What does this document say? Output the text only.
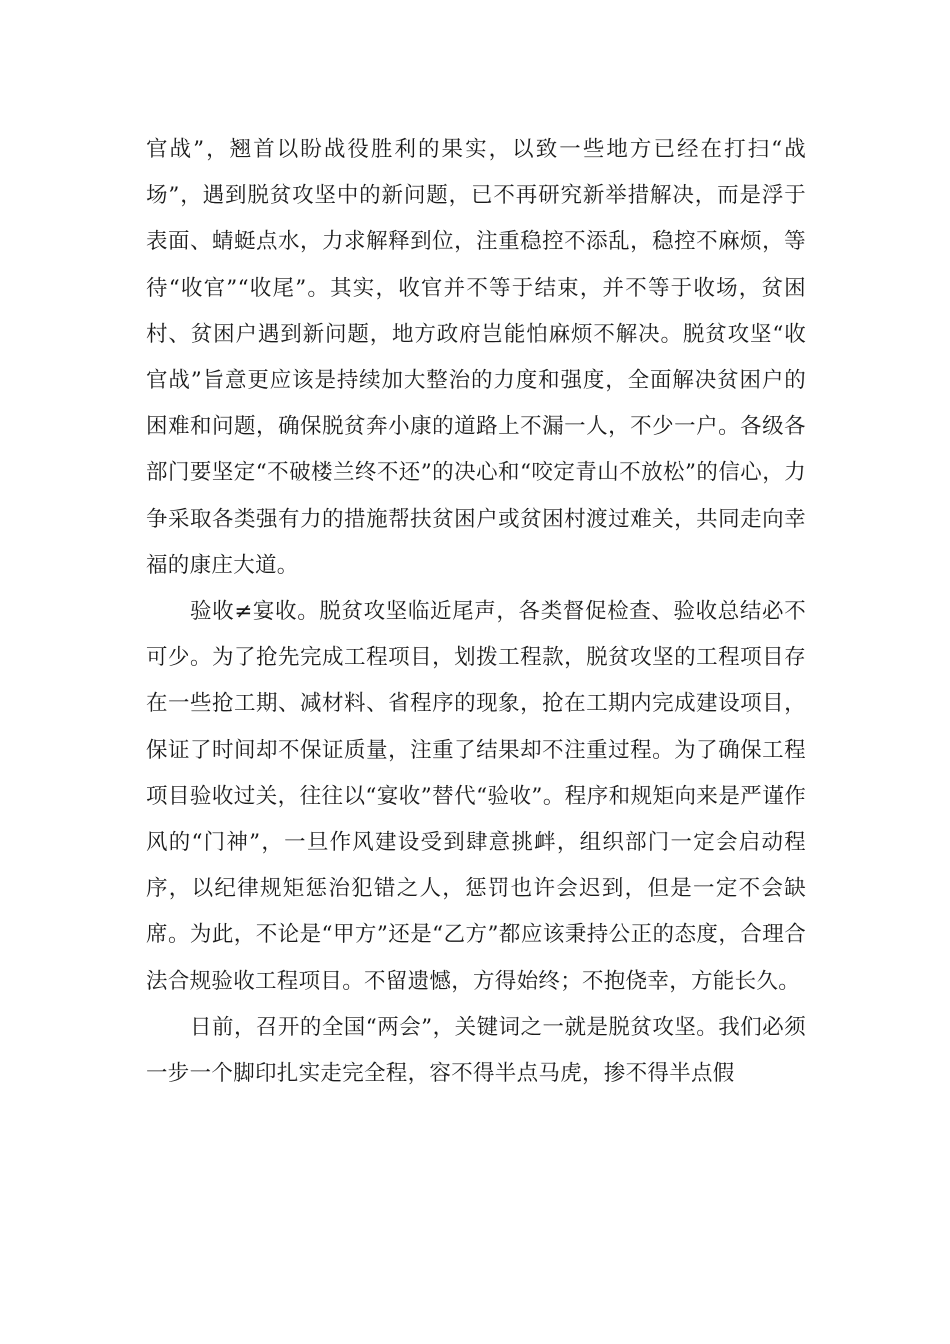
官战”，翘首以盼战役胜利的果实，以致一些地方已经在打扫“战场”，遇到脱贫攻坚中的新问题，已不再研究新举措解决，而是浮于表面、蜻蜓点水，力求解释到位，注重稳控不添乱，稳控不麻烦，等待“收官”“收尾”。其实，收官并不等于结束，并不等于收场，贫困村、贫困户遇到新问题，地方政府岂能怕麻烦不解决。脱贫攻坚“收官战”旨意更应该是持续加大整治的力度和强度，全面解决贫困户的困难和问题，确保脱贫奔小康的道路上不漏一人，不少一户。各级各部门要坚定“不破楼兰终不还”的决心和“咬定青山不放松”的信心，力争采取各类强有力的措施帮扶贫困户或贫困村渡过难关，共同走向幸福的康庄大道。

验收≠宴收。脱贫攻坚临近尾声，各类督促检查、验收总结必不可少。为了抢先完成工程项目，划拨工程款，脱贫攻坚的工程项目存在一些抢工期、减材料、省程序的现象，抢在工期内完成建设项目，保证了时间却不保证质量，注重了结果却不注重过程。为了确保工程项目验收过关，往往以“宴收”替代“验收”。程序和规矩向来是严谨作风的“门神”，一旦作风建设受到肆意挑衅，组织部门一定会启动程序，以纪律规矩惩治犯错之人，惩罚也许会迟到，但是一定不会缺席。为此，不论是“甲方”还是“乙方”都应该秉持公正的态度，合理合法合规验收工程项目。不留遗憾，方得始终；不抱侥幸，方能长久。

日前，召开的全国“两会”，关键词之一就是脱贫攻坚。我们必须一步一个脚印扎实走完全程，容不得半点马虎，掺不得半点假
